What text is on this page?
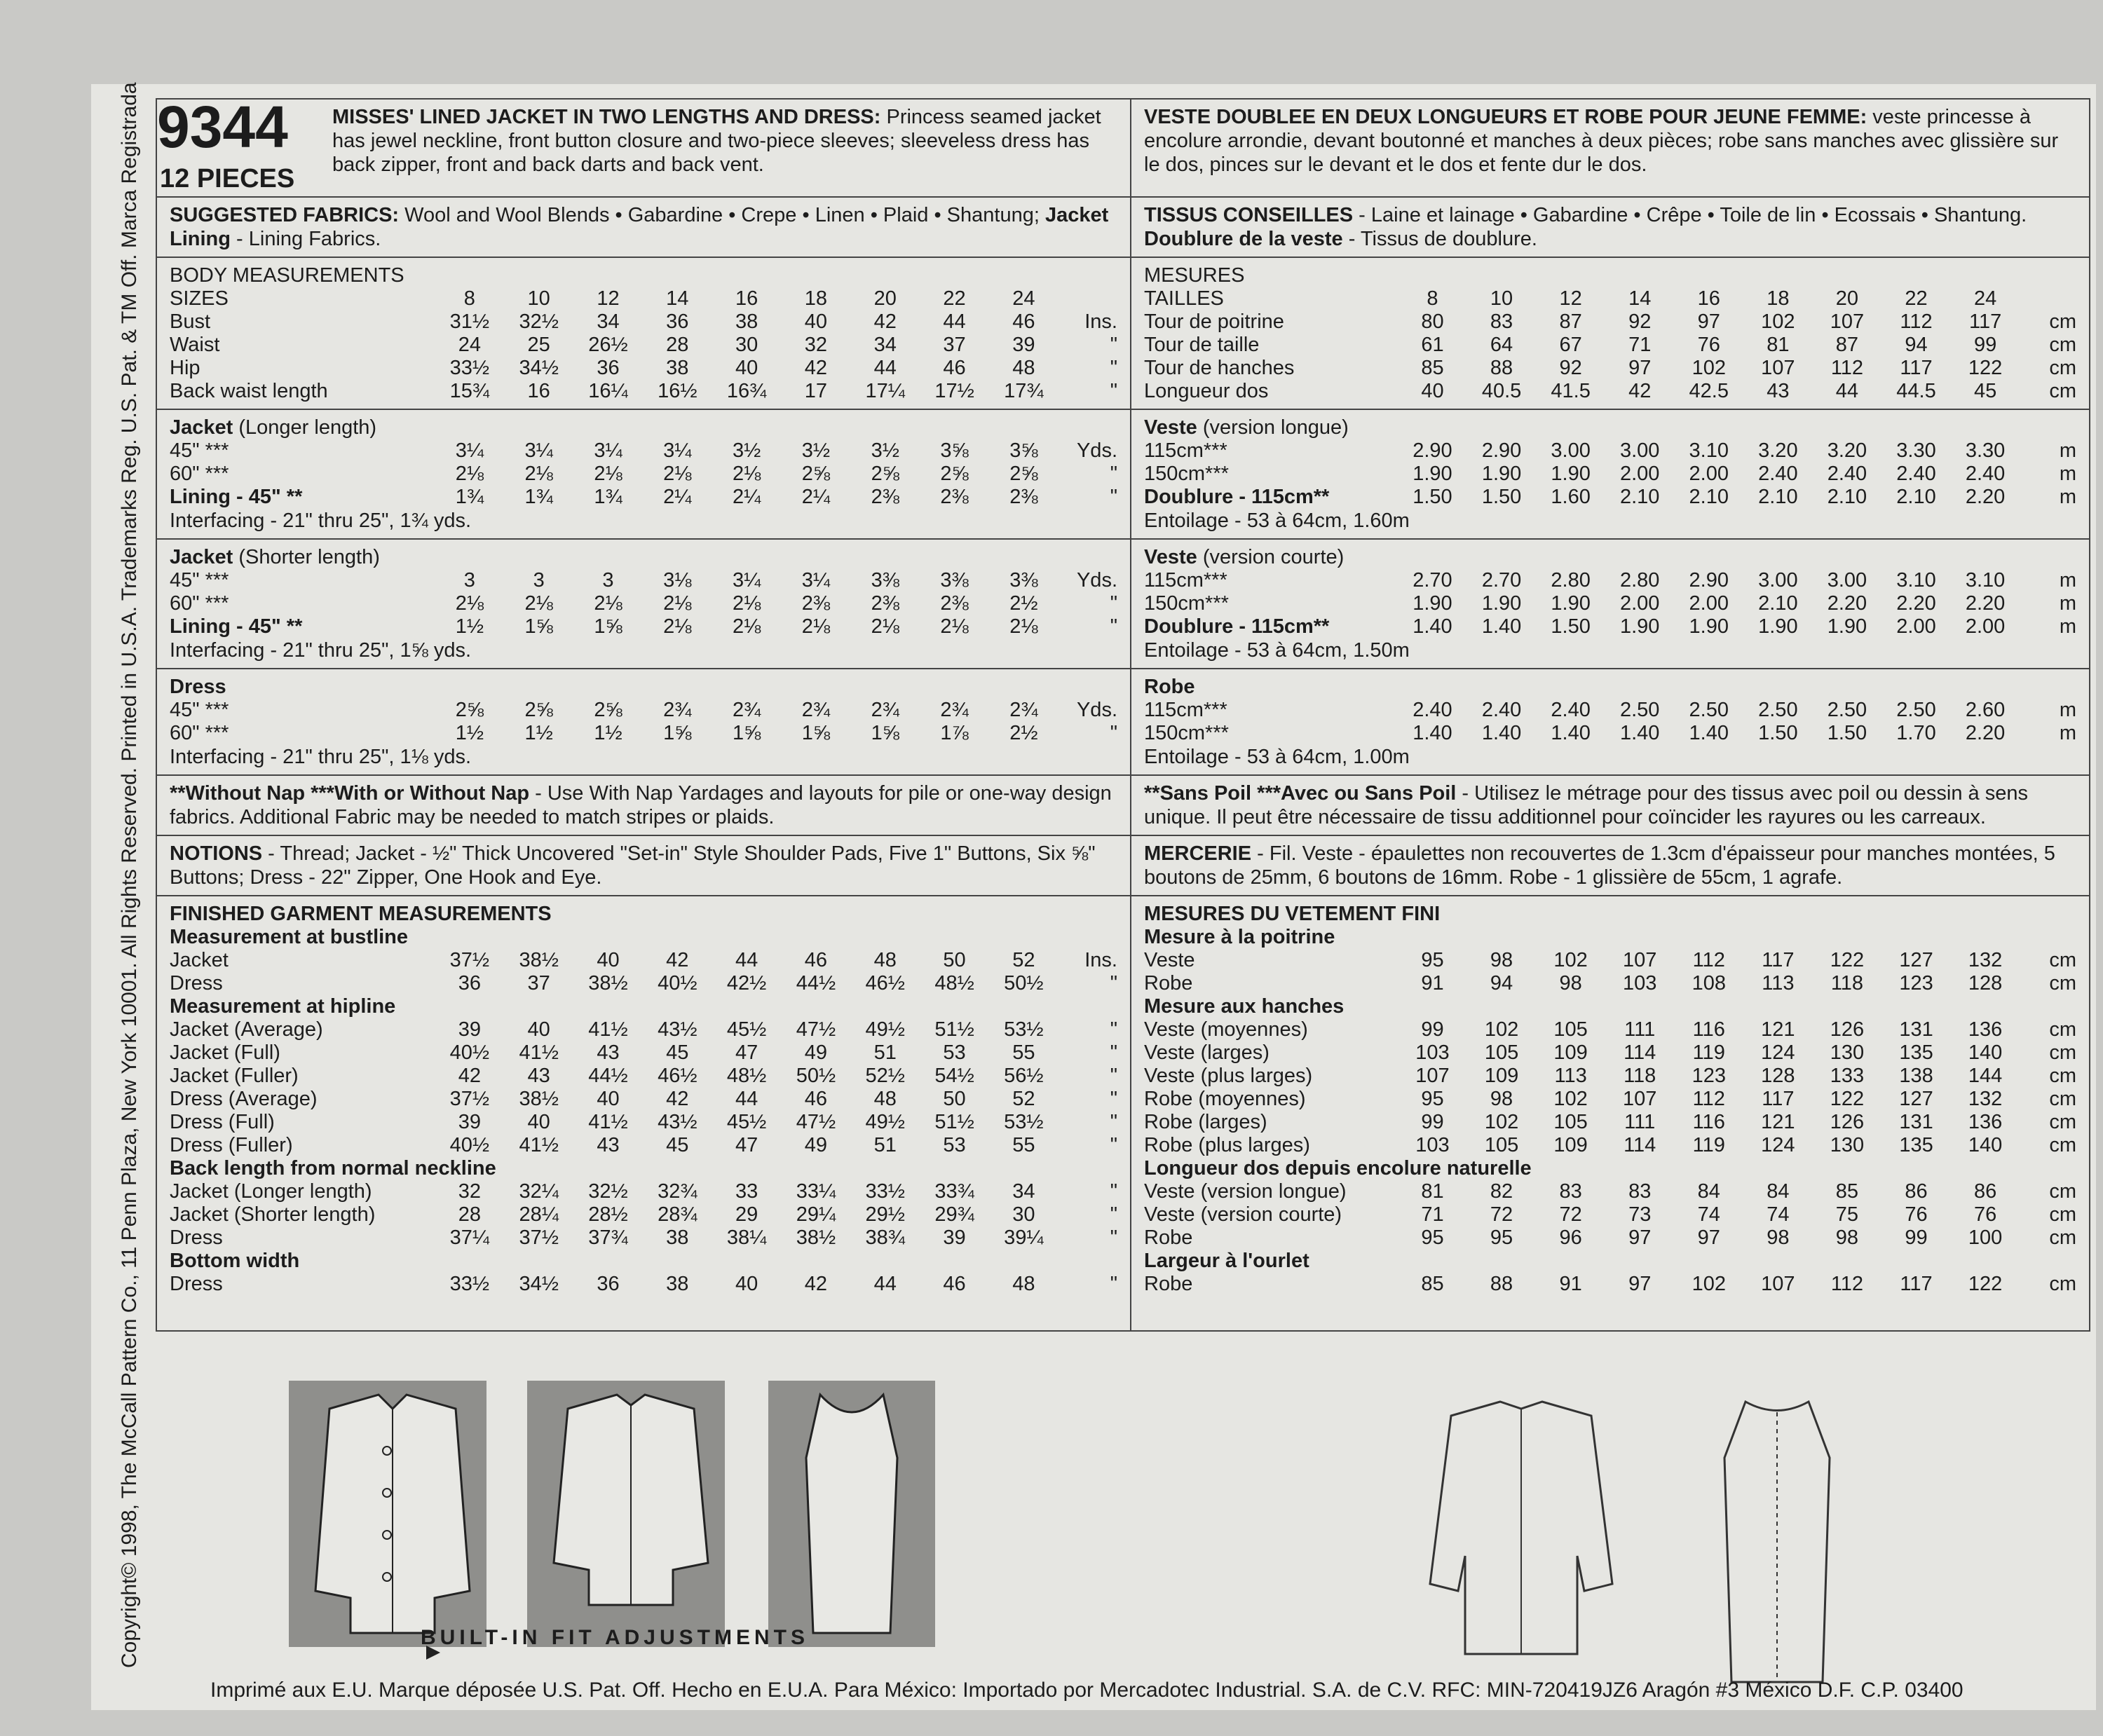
Copyright© 1998, The McCall Pattern Co., 11 Penn Plaza, New York 10001. All Rights Reserved. Printed in U.S.A. Trademarks Reg. U.S. Pat. & TM Off. Marca Registrada 9344
12 PIECES
MISSES' LINED JACKET IN TWO LENGTHS AND DRESS: Princess seamed jacket has jewel neckline, front button closure and two-piece sleeves; sleeveless dress has back zipper, front and back darts and back vent.
SUGGESTED FABRICS: Wool and Wool Blends • Gabardine • Crepe • Linen • Plaid • Shantung; Jacket Lining - Lining Fabrics.
BODY MEASUREMENTS
SIZES	8	10	12	14	16	18	20	22	24	
Bust	31½	32½	34	36	38	40	42	44	46	Ins.
Waist	24	25	26½	28	30	32	34	37	39	"
Hip	33½	34½	36	38	40	42	44	46	48	"
Back waist length	15¾	16	16¼	16½	16¾	17	17¼	17½	17¾	"
Jacket (Longer length)
45" ***	3¼	3¼	3¼	3¼	3½	3½	3½	3⅝	3⅝	Yds.
60" ***	2⅛	2⅛	2⅛	2⅛	2⅛	2⅝	2⅝	2⅝	2⅝	"
Lining - 45" **	1¾	1¾	1¾	2¼	2¼	2¼	2⅜	2⅜	2⅜	"
Interfacing - 21" thru 25", 1¾ yds.
Jacket (Shorter length)
45" ***	3	3	3	3⅛	3¼	3¼	3⅜	3⅜	3⅜	Yds.
60" ***	2⅛	2⅛	2⅛	2⅛	2⅛	2⅜	2⅜	2⅜	2½	"
Lining - 45" **	1½	1⅝	1⅝	2⅛	2⅛	2⅛	2⅛	2⅛	2⅛	"
Interfacing - 21" thru 25", 1⅝ yds.
Dress
45" ***	2⅝	2⅝	2⅝	2¾	2¾	2¾	2¾	2¾	2¾	Yds.
60" ***	1½	1½	1½	1⅝	1⅝	1⅝	1⅝	1⅞	2½	"
Interfacing - 21" thru 25", 1⅛ yds.
**Without Nap ***With or Without Nap - Use With Nap Yardages and layouts for pile or one-way design fabrics. Additional Fabric may be needed to match stripes or plaids.
NOTIONS - Thread; Jacket - ½" Thick Uncovered "Set-in" Style Shoulder Pads, Five 1" Buttons, Six ⅝" Buttons; Dress - 22" Zipper, One Hook and Eye.
FINISHED GARMENT MEASUREMENTS
Measurement at bustline										
Jacket	37½	38½	40	42	44	46	48	50	52	Ins.
Dress	36	37	38½	40½	42½	44½	46½	48½	50½	"
Measurement at hipline										
Jacket (Average)	39	40	41½	43½	45½	47½	49½	51½	53½	"
Jacket (Full)	40½	41½	43	45	47	49	51	53	55	"
Jacket (Fuller)	42	43	44½	46½	48½	50½	52½	54½	56½	"
Dress (Average)	37½	38½	40	42	44	46	48	50	52	"
Dress (Full)	39	40	41½	43½	45½	47½	49½	51½	53½	"
Dress (Fuller)	40½	41½	43	45	47	49	51	53	55	"
Back length from normal neckline										
Jacket (Longer length)	32	32¼	32½	32¾	33	33¼	33½	33¾	34	"
Jacket (Shorter length)	28	28¼	28½	28¾	29	29¼	29½	29¾	30	"
Dress	37¼	37½	37¾	38	38¼	38½	38¾	39	39¼	"
Bottom width										
Dress	33½	34½	36	38	40	42	44	46	48	"
VESTE DOUBLEE EN DEUX LONGUEURS ET ROBE POUR JEUNE FEMME: veste princesse à encolure arrondie, devant boutonné et manches à deux pièces; robe sans manches avec glissière sur le dos, pinces sur le devant et le dos et fente dur le dos.
TISSUS CONSEILLES - Laine et lainage • Gabardine • Crêpe • Toile de lin • Ecossais • Shantung. Doublure de la veste - Tissus de doublure.
MESURES
TAILLES	8	10	12	14	16	18	20	22	24	
Tour de poitrine	80	83	87	92	97	102	107	112	117	cm
Tour de taille	61	64	67	71	76	81	87	94	99	cm
Tour de hanches	85	88	92	97	102	107	112	117	122	cm
Longueur dos	40	40.5	41.5	42	42.5	43	44	44.5	45	cm
Veste (version longue)
115cm***	2.90	2.90	3.00	3.00	3.10	3.20	3.20	3.30	3.30	m
150cm***	1.90	1.90	1.90	2.00	2.00	2.40	2.40	2.40	2.40	m
Doublure - 115cm**	1.50	1.50	1.60	2.10	2.10	2.10	2.10	2.10	2.20	m
Entoilage - 53 à 64cm, 1.60m
Veste (version courte)
115cm***	2.70	2.70	2.80	2.80	2.90	3.00	3.00	3.10	3.10	m
150cm***	1.90	1.90	1.90	2.00	2.00	2.10	2.20	2.20	2.20	m
Doublure - 115cm**	1.40	1.40	1.50	1.90	1.90	1.90	1.90	2.00	2.00	m
Entoilage - 53 à 64cm, 1.50m
Robe
115cm***	2.40	2.40	2.40	2.50	2.50	2.50	2.50	2.50	2.60	m
150cm***	1.40	1.40	1.40	1.40	1.40	1.50	1.50	1.70	2.20	m
Entoilage - 53 à 64cm, 1.00m
**Sans Poil ***Avec ou Sans Poil - Utilisez le métrage pour des tissus avec poil ou dessin à sens unique. Il peut être nécessaire de tissu additionnel pour coïncider les rayures ou les carreaux.
MERCERIE - Fil. Veste - épaulettes non recouvertes de 1.3cm d'épaisseur pour manches montées, 5 boutons de 25mm, 6 boutons de 16mm. Robe - 1 glissière de 55cm, 1 agrafe.
MESURES DU VETEMENT FINI
Mesure à la poitrine										
Veste	95	98	102	107	112	117	122	127	132	cm
Robe	91	94	98	103	108	113	118	123	128	cm
Mesure aux hanches										
Veste (moyennes)	99	102	105	111	116	121	126	131	136	cm
Veste (larges)	103	105	109	114	119	124	130	135	140	cm
Veste (plus larges)	107	109	113	118	123	128	133	138	144	cm
Robe (moyennes)	95	98	102	107	112	117	122	127	132	cm
Robe (larges)	99	102	105	111	116	121	126	131	136	cm
Robe (plus larges)	103	105	109	114	119	124	130	135	140	cm
Longueur dos depuis encolure naturelle										
Veste (version longue)	81	82	83	83	84	84	85	86	86	cm
Veste (version courte)	71	72	72	73	74	74	75	76	76	cm
Robe	95	95	96	97	97	98	98	99	100	cm
Largeur à l'ourlet										
Robe	85	88	91	97	102	107	112	117	122	cm
BUILT-IN FIT ADJUSTMENTS
Imprimé aux E.U. Marque déposée U.S. Pat. Off. Hecho en E.U.A. Para México: Importado por Mercadotec Industrial. S.A. de C.V. RFC: MIN-720419JZ6 Aragón #3 México D.F. C.P. 03400
